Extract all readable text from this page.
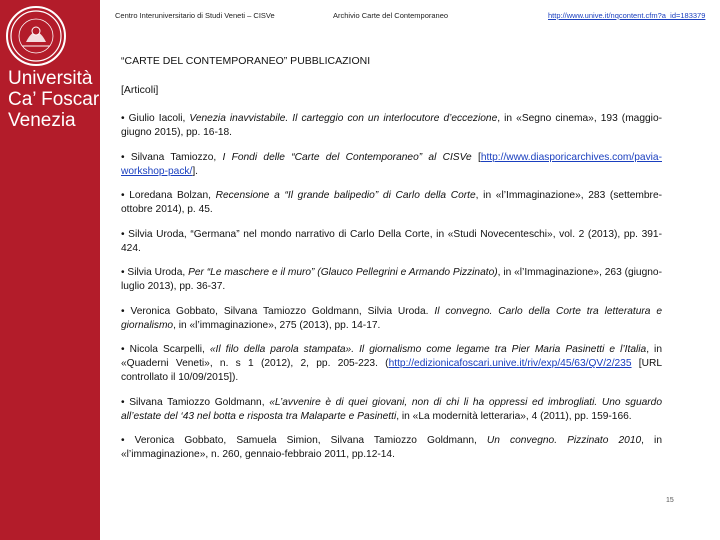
Università
Ca’ Foscari
Venezia
Centro Interuniversitario di Studi Veneti – CISVe	Archivio Carte del Contemporaneo	http://www.unive.it/nqcontent.cfm?a_id=183379
“CARTE DEL CONTEMPORANEO” PUBBLICAZIONI
[Articoli]

• Giulio Iacoli, Venezia inavvistabile. Il carteggio con un interlocutore d’eccezione, in «Segno cinema», 193 (maggio-giugno 2015), pp. 16-18.

• Silvana Tamiozzo, I Fondi delle “Carte del Contemporaneo” al CISVe [http://www.diasporicarchives.com/pavia-workshop-pack/].

• Loredana Bolzan, Recensione a “Il grande balipedio” di Carlo della Corte, in «l’Immaginazione», 283 (settembre-ottobre 2014), p. 45.

• Silvia Uroda, “Germana” nel mondo narrativo di Carlo Della Corte, in «Studi Novecenteschi», vol. 2 (2013), pp. 391-424.

• Silvia Uroda, Per “Le maschere e il muro” (Glauco Pellegrini e Armando Pizzinato), in «l’Immaginazione», 263 (giugno-luglio 2013), pp. 36-37.

• Veronica Gobbato, Silvana Tamiozzo Goldmann, Silvia Uroda. Il convegno. Carlo della Corte tra letteratura e giornalismo, in «l’immaginazione», 275 (2013), pp. 14-17.

• Nicola Scarpelli, «Il filo della parola stampata». Il giornalismo come legame tra Pier Maria Pasinetti e l’Italia, in «Quaderni Veneti», n. s 1 (2012), 2, pp. 205-223. (http://edizionicafoscari.unive.it/riv/exp/45/63/QV/2/235 [URL controllato il 10/09/2015]).

• Silvana Tamiozzo Goldmann, «L’avvenire è di quei giovani, non di chi li ha oppressi ed imbrogliati. Uno sguardo all’estate del ‘43 nel botta e risposta tra Malaparte e Pasinetti, in «La modernità letteraria», 4 (2011), pp. 159-166.

• Veronica Gobbato, Samuela Simion, Silvana Tamiozzo Goldmann, Un convegno. Pizzinato 2010, in «l’immaginazione», n. 260, gennaio-febbraio 2011, pp.12-14.

15
